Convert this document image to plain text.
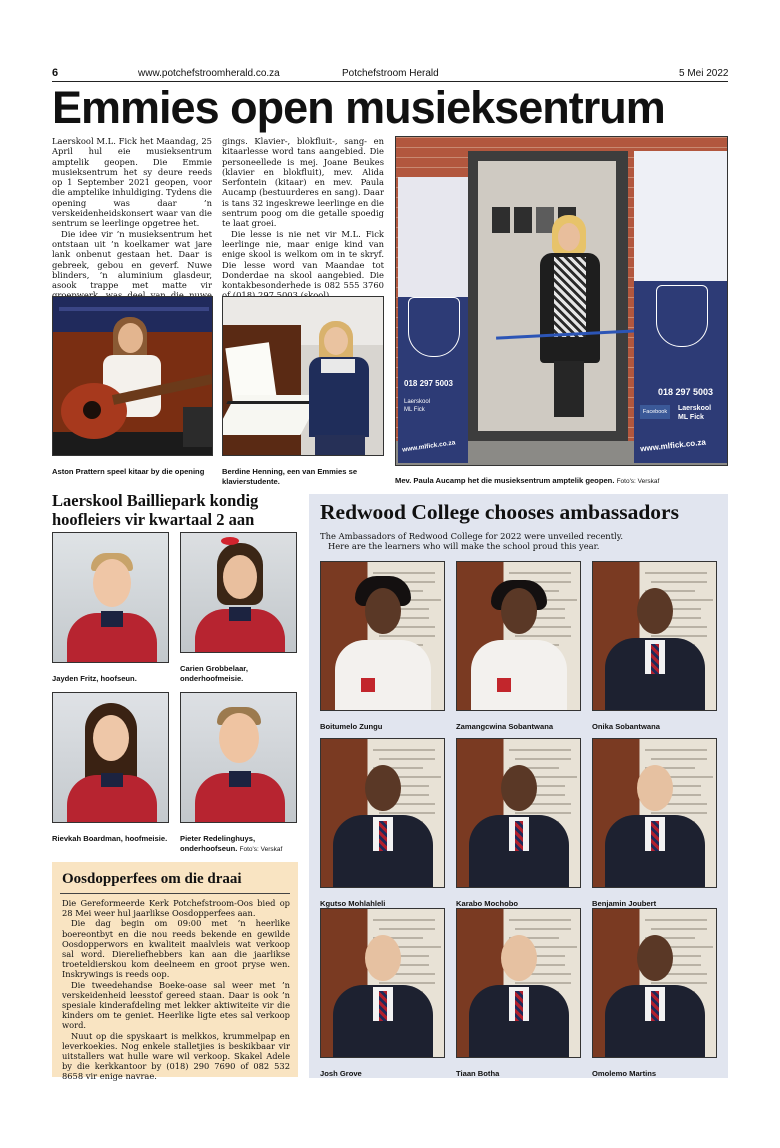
6	www.potchefstroomherald.co.za	Potchefstroom Herald	5 Mei 2022
Emmies open musieksentrum

Laerskool M.L. Fick het Maandag, 25 April hul eie musieksentrum amptelik geopen. Die Emmie musieksentrum het sy deure reeds op 1 September 2021 geopen, voor die amptelike inhuldiging. Tydens die opening was daar ’n verskeidenheidskonsert waar van die sentrum se leerlinge opgetree het.

Die idee vir ’n musieksentrum het ontstaan uit ’n koelkamer wat jare lank onbenut gestaan het. Daar is gebreek, gebou en geverf. Nuwe blinders, ’n aluminium glasdeur, asook trappe met matte vir

gings. Klavier-, blokfluit-, sang- en kitaarlesse word tans aangebied. Die personeellede is mej. Joane Beukes (klavier en blokfluit), mev. Alida Serfontein (kitaar) en mev. Paula Aucamp (bestuurderes en sang). Daar is tans 32 ingeskrewe leerlinge en die sentrum poog om die getalle spoedig te laat groei.

Die lesse is nie net vir M.L. Fick leerlinge nie, maar enige kind van enige skool is welkom om in te skryf. Die lesse word van Maandae tot Donderdae na skool aangebied. Die kontakbesonderhede is 082 555 3760

Aston Prattern speel kitaar by die opening	Berdine Henning, een van Emmies se klavierstudente.
018 297 5003
Laerskool
ML Fick
www.mlfick.co.za
018 297 5003
Facebook	Laerskool
ML Fick
www.mlfick.co.za
Mev. Paula Aucamp het die musieksentrum amptelik geopen. Foto's: Verskaf
Laerskool Bailliepark kondig
hoofleiers vir kwartaal 2 aan
Jayden Fritz, hoofseun.
Carien Grobbelaar, onderhoofmeisie.
Rievkah Boardman, hoofmeisie.	Pieter Redelinghuys, onderhoofseun. Foto's: Verskaf
Oosdopperfees om die draai

Die Gereformeerde Kerk Potchefstroom-Oos bied op 28 Mei weer hul jaarlikse Oosdopperfees aan.

Die dag begin om 09:00 met ’n heerlike boereontbyt en die nou reeds bekende en gewilde Oosdopperwors en kwaliteit maalvleis wat verkoop sal word. Diereliefhebbers kan aan die jaarlikse troeteldierskou kom deelneem en groot pryse wen. Inskrywings is reeds oop.

Die tweedehandse Boeke-oase sal weer met ’n verskeidenheid leesstof gereed staan. Daar is ook ’n spesiale kinderafdeling met lekker aktiwiteite vir die kinders om te geniet. Heerlike ligte etes sal verkoop word.

Nuut op die spyskaart is melkkos, krummelpap en leverkoekies. Nog enkele stalletjies is beskikbaar vir uitstallers wat hulle ware wil verkoop. Skakel Adele by die kerkkantoor by (018) 290 7690 of 082 532 8658 vir enige navrae.

Redwood College chooses ambassadors
The Ambassadors of Redwood College for 2022 were unveiled recently.
Here are the learners who will make the school proud this year.
Boitumelo Zungu	Zamangcwina Sobantwana	Onika Sobantwana
Kgutso Mohlahleli	Karabo Mochobo	Benjamin Joubert
Josh Grove	Tiaan Botha	Omolemo Martins
